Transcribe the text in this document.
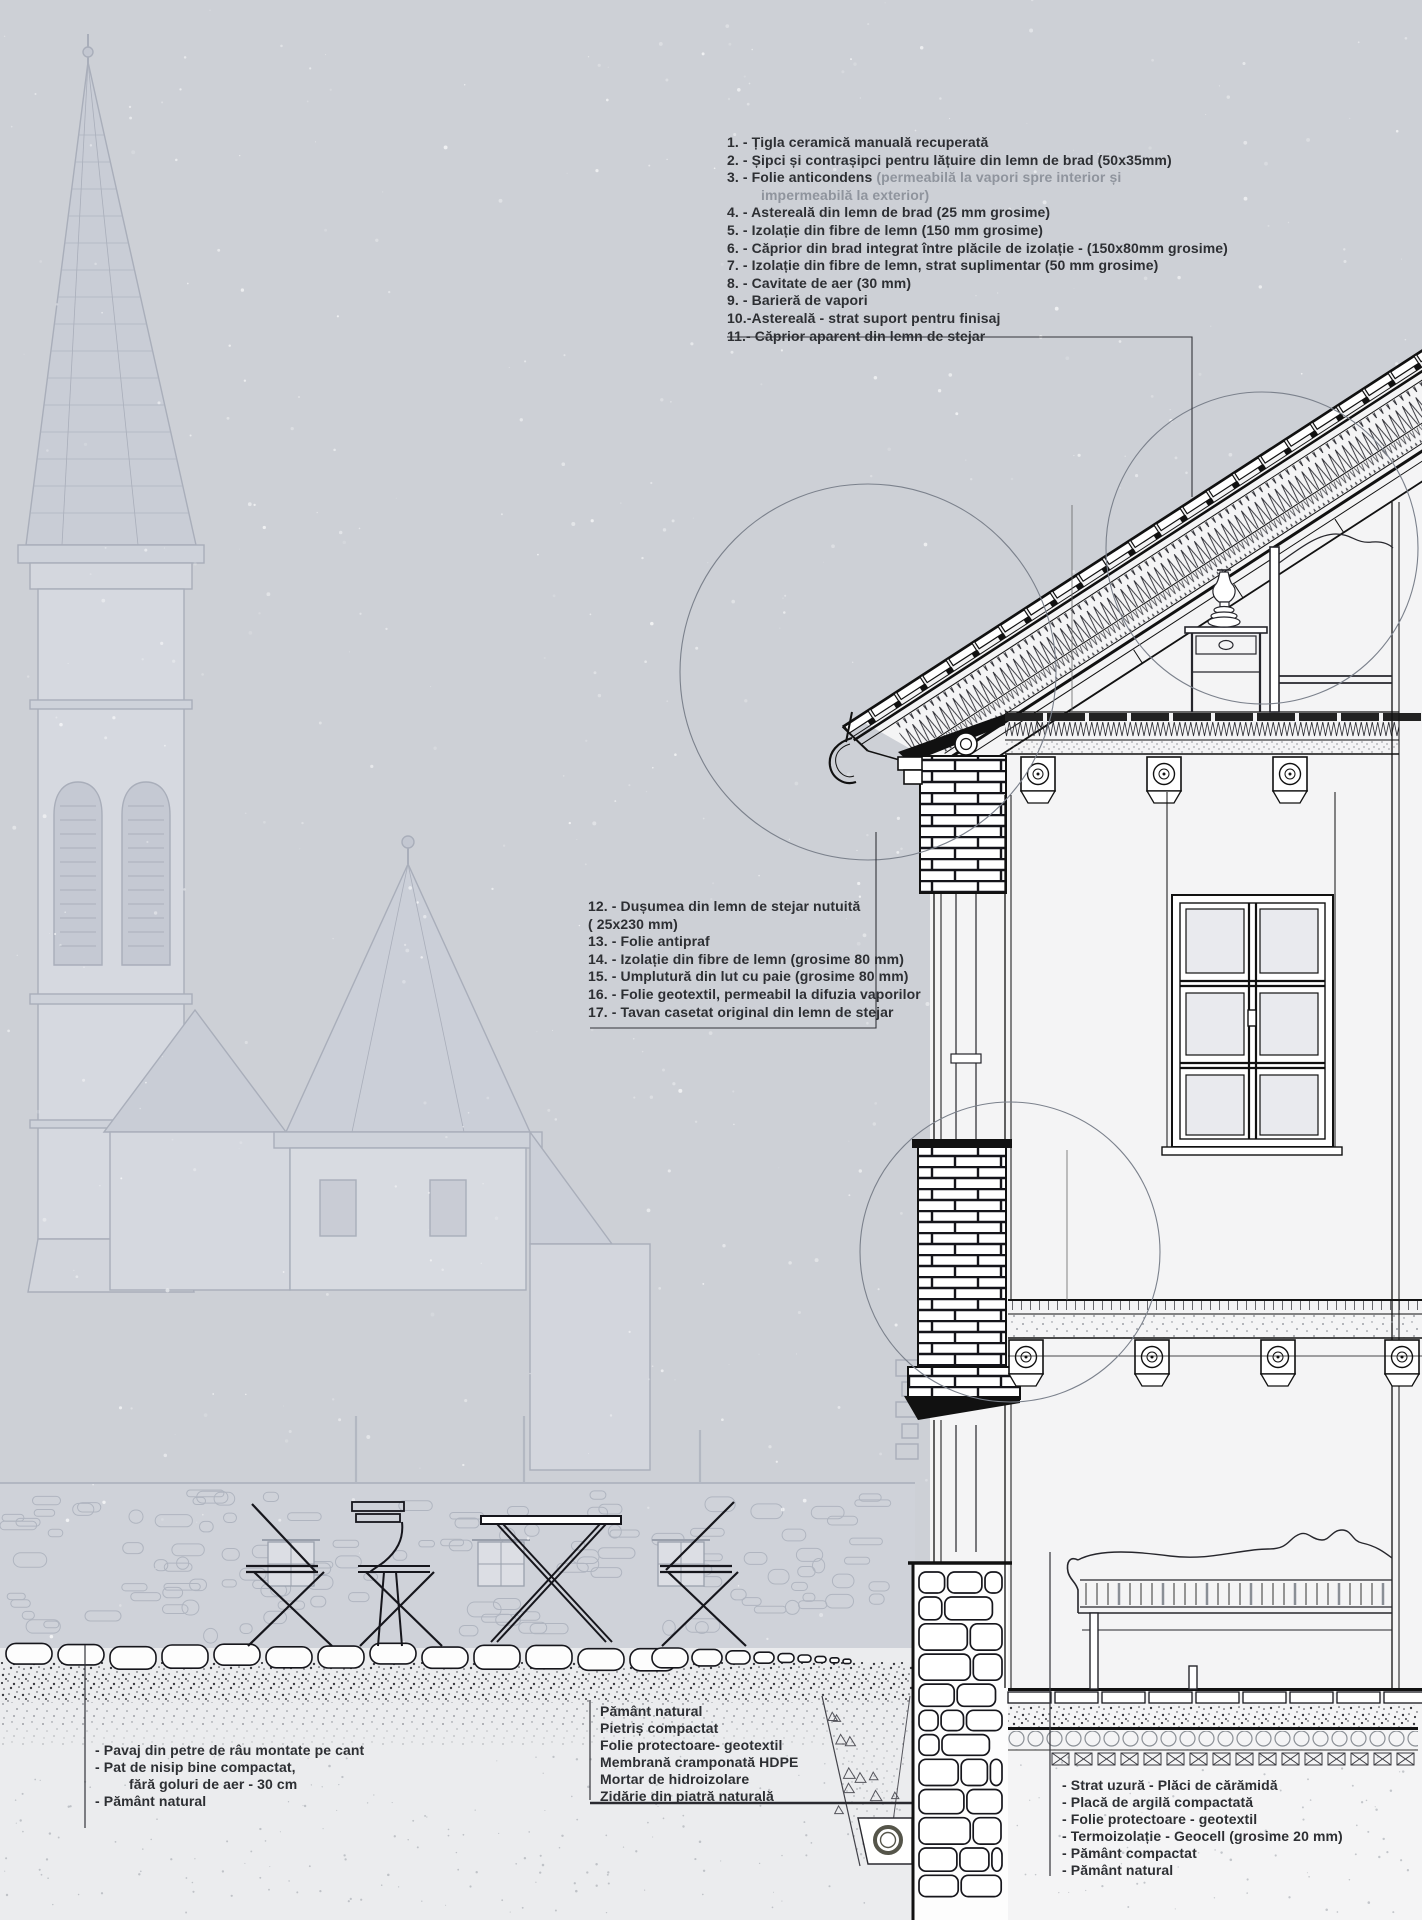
1. - Țigla ceramică manuală recuperată
2. - Șipci și contrașipci pentru lățuire din lemn de brad (50x35mm)
3. - Folie anticondens (permeabilă la vapori spre interior și
impermeabilă la exterior)
4. - Astereală din lemn de brad (25 mm grosime)
5. - Izolație din fibre de lemn (150 mm grosime)
6. - Căprior din brad integrat între plăcile de izolație - (150x80mm grosime)
7. - Izolație din fibre de lemn, strat suplimentar (50 mm grosime)
8. - Cavitate de aer (30 mm)
9. - Barieră de vapori
10.-Astereală - strat suport pentru finisaj
11.- Căprior aparent din lemn de stejar
12. - Dușumea din lemn de stejar nutuită
( 25x230 mm)
13. - Folie antipraf
14. - Izolație din fibre de lemn (grosime 80 mm)
15. - Umplutură din lut cu paie (grosime 80 mm)
16. - Folie geotextil, permeabil la difuzia vaporilor
17. - Tavan casetat original din lemn de stejar
- Pavaj din petre de râu montate pe cant
- Pat de nisip bine compactat,
fără goluri de aer - 30 cm
- Pământ natural
Pământ natural
Pietriș compactat
Folie protectoare- geotextil
Membrană cramponată HDPE
Mortar de hidroizolare
Zidărie din piatră naturală
- Strat uzură - Plăci de cărămidă
- Placă de argilă compactată
- Folie protectoare - geotextil
- Termoizolație - Geocell (grosime 20 mm)
- Pământ compactat
- Pământ natural
